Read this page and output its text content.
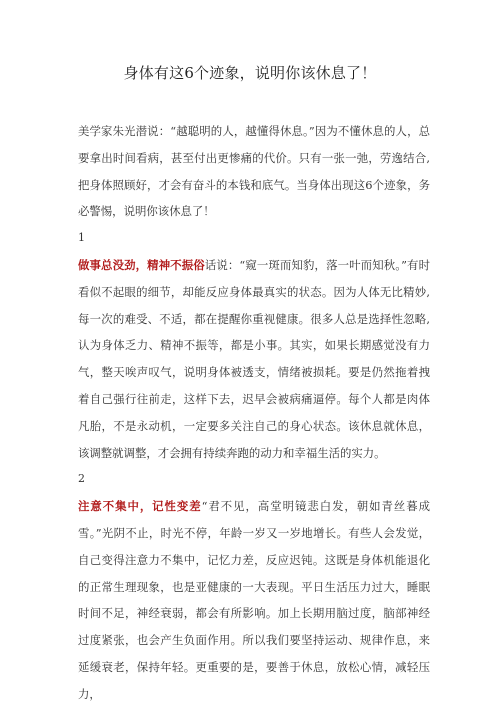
身体有这6个迹象，说明你该休息了！

美学家朱光潜说：“越聪明的人，越懂得休息。”因为不懂休息的人，总要拿出时间看病，甚至付出更惨痛的代价。只有一张一弛，劳逸结合,把身体照顾好，才会有奋斗的本钱和底气。当身体出现这6个迹象，务必警惕，说明你该休息了！

1

做事总没劲，精神不振俗话说：“窥一斑而知豹，落一叶而知秋。”有时看似不起眼的细节，却能反应身体最真实的状态。因为人体无比精妙,每一次的难受、不适，都在提醒你重视健康。很多人总是选择性忽略,认为身体乏力、精神不振等，都是小事。其实，如果长期感觉没有力气，整天唉声叹气，说明身体被透支，情绪被损耗。要是仍然拖着拽着自己强行往前走，这样下去，迟早会被病痛逼停。每个人都是肉体凡胎，不是永动机，一定要多关注自己的身心状态。该休息就休息，该调整就调整，才会拥有持续奔跑的动力和幸福生活的实力。

2

注意不集中，记性变差“君不见，高堂明镜悲白发，朝如青丝暮成雪。”光阴不止，时光不停，年龄一岁又一岁地增长。有些人会发觉，自己变得注意力不集中，记忆力差，反应迟钝。这既是身体机能退化的正常生理现象，也是亚健康的一大表现。平日生活压力过大，睡眠时间不足，神经衰弱，都会有所影响。加上长期用脑过度，脑部神经过度紧张，也会产生负面作用。所以我们要坚持运动、规律作息，来延缓衰老，保持年轻。更重要的是，要善于休息，放松心情，减轻压力，
